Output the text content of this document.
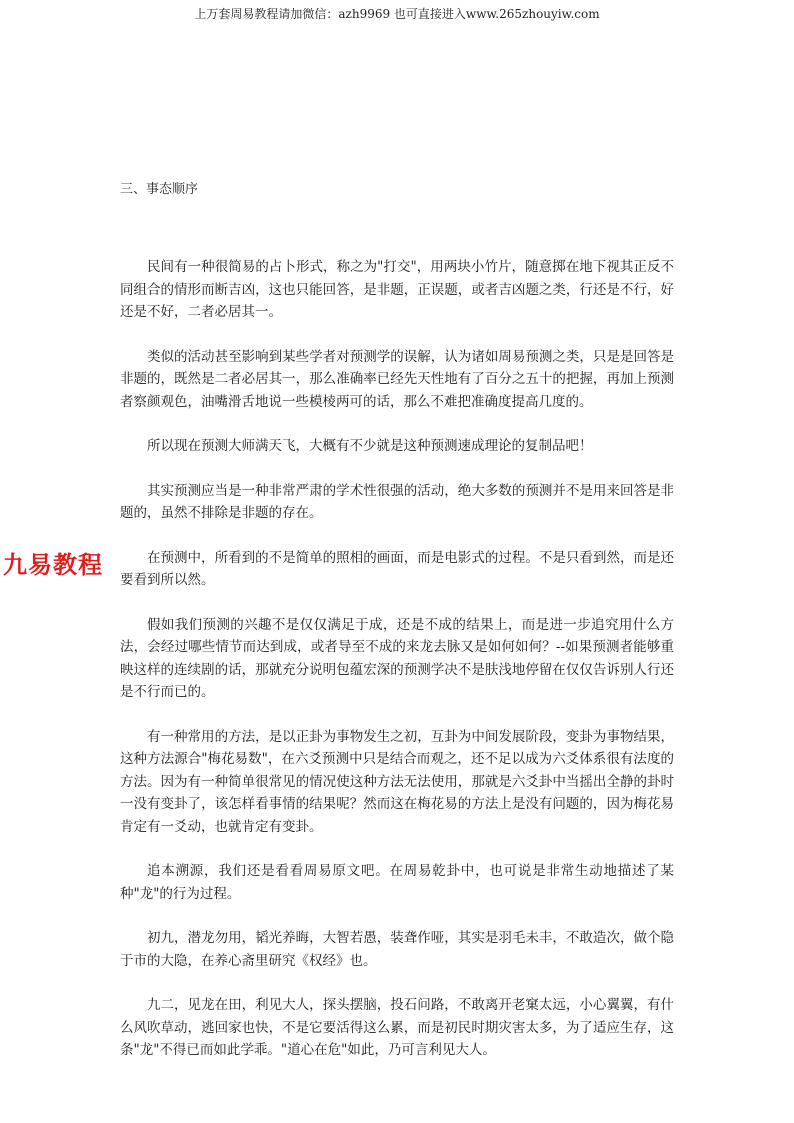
上万套周易教程请加微信：azh9969 也可直接进入www.265zhouyiw.com
三、事态顺序
九易教程

民间有一种很简易的占卜形式，称之为"打交"，用两块小竹片，随意掷在地下视其正反不同组合的情形而断吉凶，这也只能回答，是非题，正误题，或者吉凶题之类，行还是不行，好还是不好，二者必居其一。

类似的活动甚至影响到某些学者对预测学的误解，认为诸如周易预测之类，只是是回答是非题的，既然是二者必居其一，那么准确率已经先天性地有了百分之五十的把握，再加上预测者察颜观色，油嘴滑舌地说一些模棱两可的话，那么不难把准确度提高几度的。

所以现在预测大师满天飞，大概有不少就是这种预测速成理论的复制品吧！

其实预测应当是一种非常严肃的学术性很强的活动，绝大多数的预测并不是用来回答是非题的，虽然不排除是非题的存在。

在预测中，所看到的不是简单的照相的画面，而是电影式的过程。不是只看到然，而是还要看到所以然。

假如我们预测的兴趣不是仅仅满足于成，还是不成的结果上，而是进一步追究用什么方法，会经过哪些情节而达到成，或者导至不成的来龙去脉又是如何如何？--如果预测者能够重映这样的连续剧的话，那就充分说明包蕴宏深的预测学决不是肤浅地停留在仅仅告诉别人行还是不行而已的。

有一种常用的方法，是以正卦为事物发生之初，互卦为中间发展阶段，变卦为事物结果，这种方法源合"梅花易数"，在六爻预测中只是结合而观之，还不足以成为六爻体系很有法度的方法。因为有一种简单很常见的情况使这种方法无法使用，那就是六爻卦中当摇出全静的卦时一没有变卦了，该怎样看事情的结果呢？然而这在梅花易的方法上是没有问题的，因为梅花易肯定有一爻动，也就肯定有变卦。

追本溯源，我们还是看看周易原文吧。在周易乾卦中，也可说是非常生动地描述了某种"龙"的行为过程。

初九，潜龙勿用，韬光养晦，大智若愚，装聋作哑，其实是羽毛未丰，不敢造次，做个隐于市的大隐，在养心斋里研究《权经》也。

九二，见龙在田，利见大人，探头摆脑，投石问路，不敢离开老窠太远，小心翼翼，有什么风吹草动，逃回家也快，不是它要活得这么累，而是初民时期灾害太多，为了适应生存，这条"龙"不得已而如此学乖。"道心在危"如此，乃可言利见大人。
